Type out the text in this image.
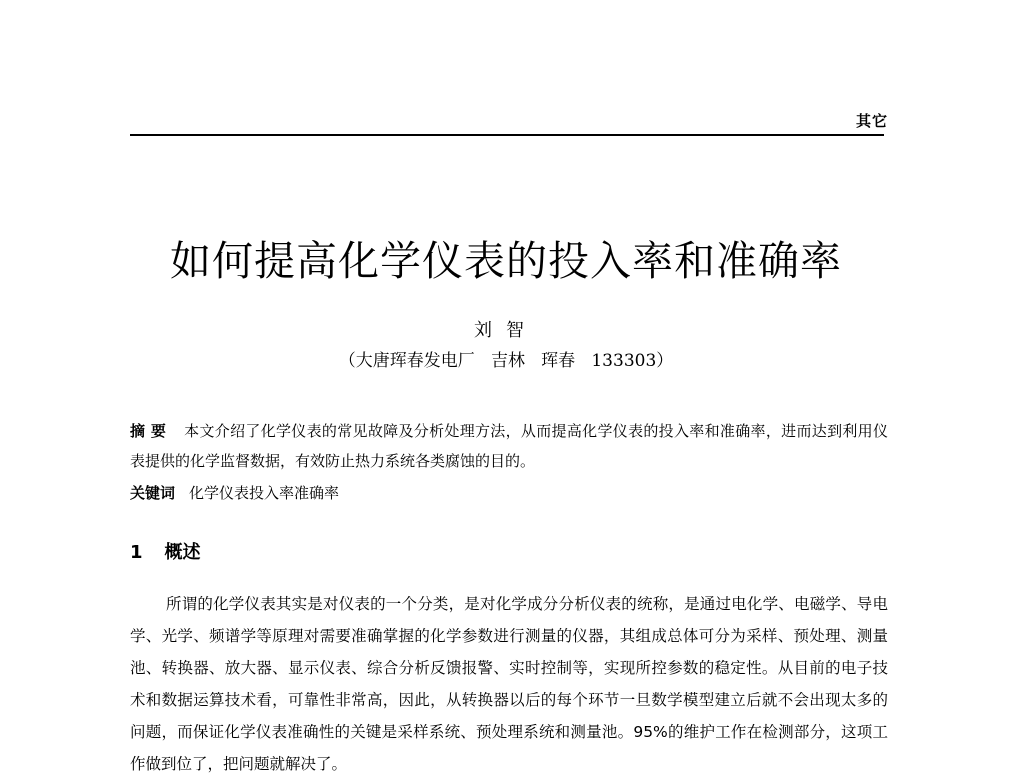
其它
如何提高化学仪表的投入率和准确率
刘智
（大唐珲春发电厂   吉林   珲春   133303）
摘 要 本文介绍了化学仪表的常见故障及分析处理方法，从而提高化学仪表的投入率和准确率，进而达到利用仪表提供的化学监督数据，有效防止热力系统各类腐蚀的目的。
关键词 化学仪表投入率准确率
1 概述

所谓的化学仪表其实是对仪表的一个分类，是对化学成分分析仪表的统称，是通过电化学、电磁学、导电学、光学、频谱学等原理对需要准确掌握的化学参数进行测量的仪器，其组成总体可分为采样、预处理、测量池、转换器、放大器、显示仪表、综合分析反馈报警、实时控制等，实现所控参数的稳定性。从目前的电子技术和数据运算技术看，可靠性非常高，因此，从转换器以后的每个环节一旦数学模型建立后就不会出现太多的问题，而保证化学仪表准确性的关键是采样系统、预处理系统和测量池。95%的维护工作在检测部分，这项工作做到位了，把问题就解决了。
